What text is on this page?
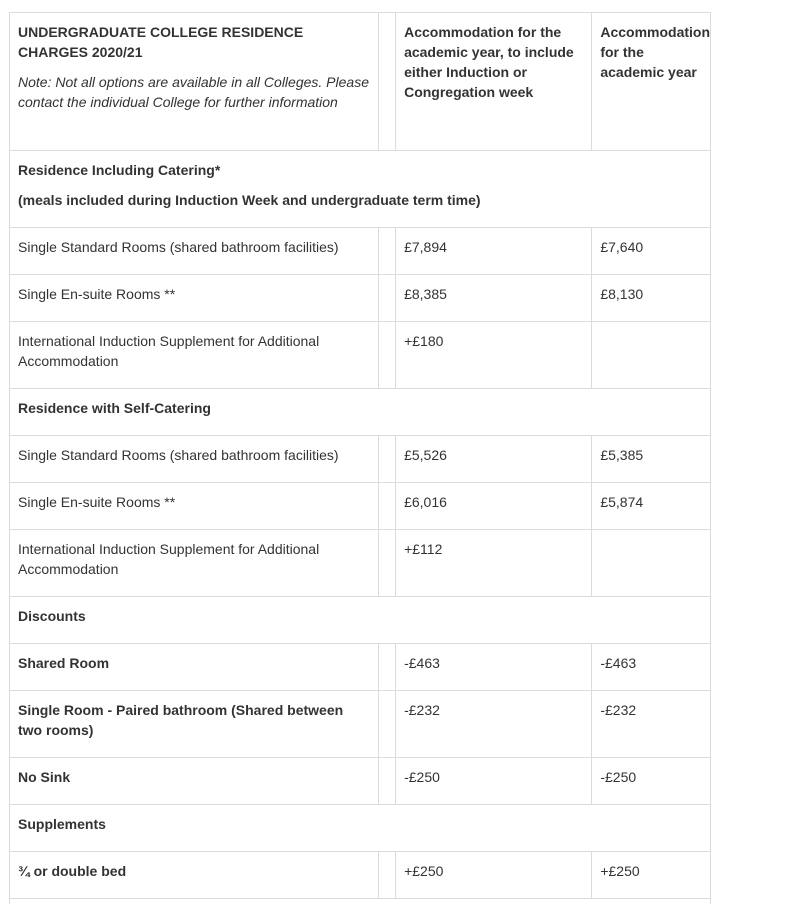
UNDERGRADUATE COLLEGE RESIDENCE CHARGES 2020/21
Note: Not all options are available in all Colleges. Please contact the individual College for further information		Accommodation for the academic year, to include either Induction or Congregation week	Accommodation for the academic year

Residence Including Catering*

(meals included during Induction Week and undergraduate term time)			

Single Standard Rooms (shared bathroom facilities)		£7,894	£7,640
Single En-suite Rooms **		£8,385	£8,130
International Induction Supplement for Additional Accommodation		+£180	

Residence with Self-Catering			

Single Standard Rooms (shared bathroom facilities)		£5,526	£5,385
Single En-suite Rooms **		£6,016	£5,874
International Induction Supplement for Additional Accommodation		+£112	

Discounts			

Shared Room		-£463	-£463
Single Room - Paired bathroom (Shared between two rooms)		-£232	-£232
No Sink		-£250	-£250

Supplements			

¾ or double bed		+£250	+£250
